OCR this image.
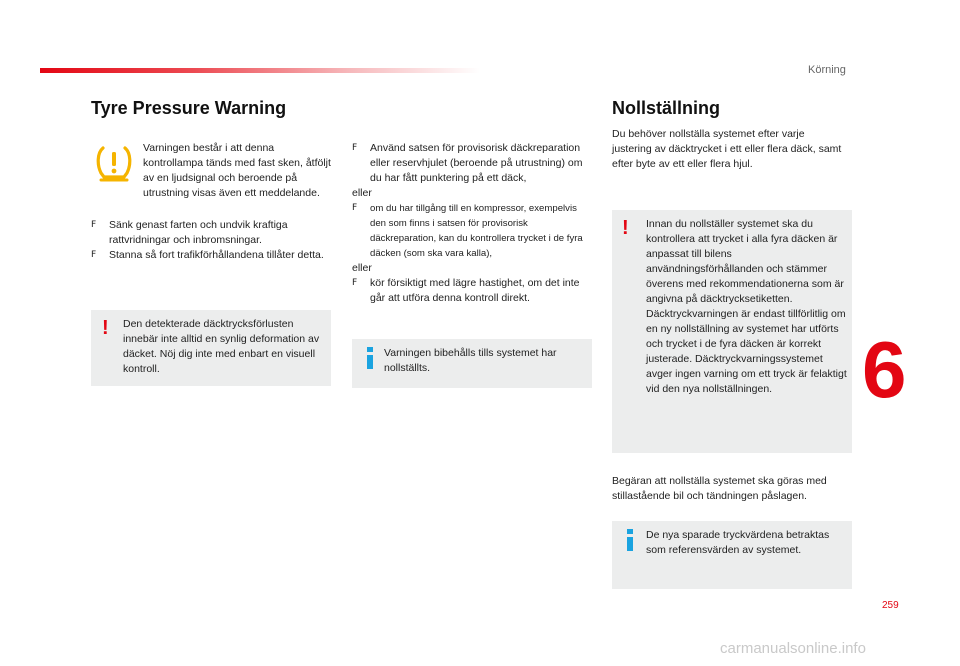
Körning
Tyre Pressure Warning

Varningen består i att denna kontrollampa tänds med fast sken, åtföljt av en ljudsignal och beroende på utrustning visas även ett meddelande.

F	Sänk genast farten och undvik kraftiga rattvridningar och inbromsningar.
F	Stanna så fort trafikförhållandena tillåter detta.
! Den detekterade däcktrycksförlusten innebär inte alltid en synlig deformation av däcket. Nöj dig inte med enbart en visuell kontroll.

F	Använd satsen för provisorisk däckreparation eller reservhjulet (beroende på utrustning) om du har fått punktering på ett däck,
eller
F	om du har tillgång till en kompressor, exempelvis den som finns i satsen för provisorisk däckreparation, kan du kontrollera trycket i de fyra däcken (som ska vara kalla),
eller
F	kör försiktigt med lägre hastighet, om det inte går att utföra denna kontroll direkt.

Varningen bibehålls tills systemet har nollställts.

Nollställning

Du behöver nollställa systemet efter varje justering av däcktrycket i ett eller flera däck, samt efter byte av ett eller flera hjul.

! Innan du nollställer systemet ska du kontrollera att trycket i alla fyra däcken är anpassat till bilens användningsförhållanden och stämmer överens med rekommendationerna som är angivna på däcktrycksetiketten. Däcktryckvarningen är endast tillförlitlig om en ny nollställning av systemet har utförts och trycket i de fyra däcken är korrekt justerade. Däcktryckvarningssystemet avger ingen varning om ett tryck är felaktigt vid den nya nollställningen.

Begäran att nollställa systemet ska göras med stillastående bil och tändningen påslagen.

De nya sparade tryckvärdena betraktas som referensvärden av systemet.

6
259
carmanualsonline.info
